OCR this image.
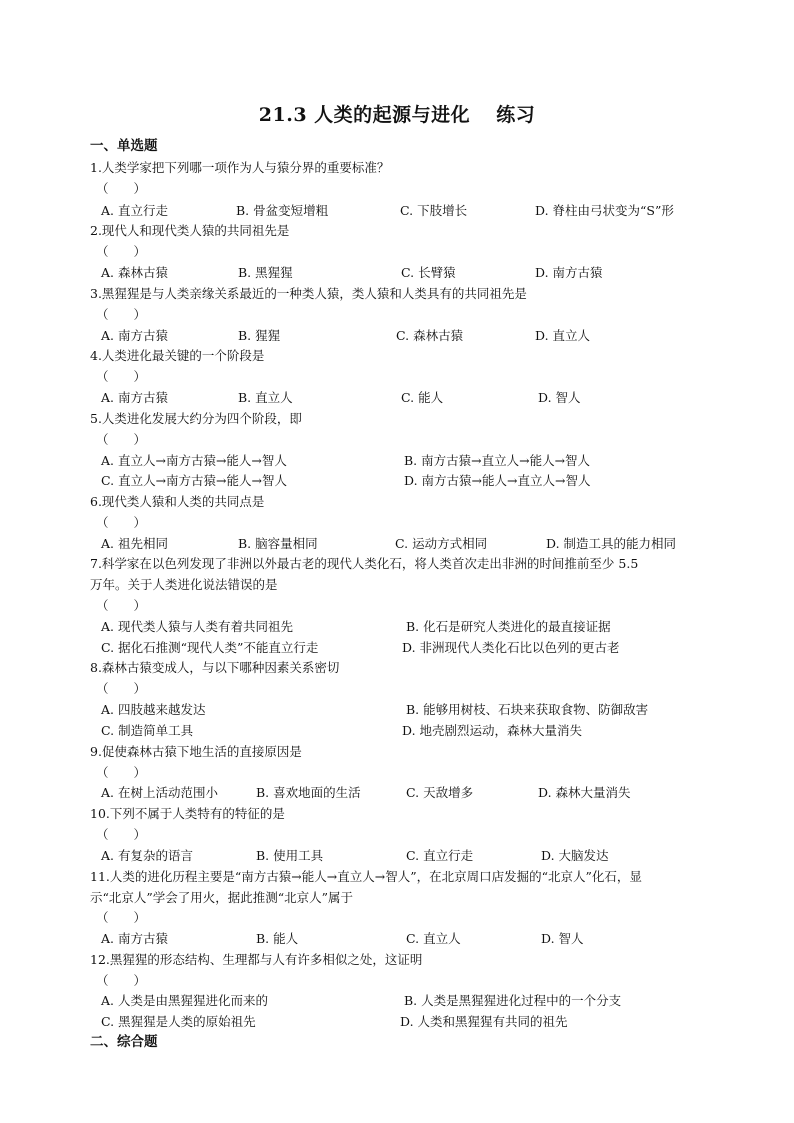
21.3 人类的起源与进化 练习
一、单选题
1.人类学家把下列哪一项作为人与猿分界的重要标准？
（　　）
A. 直立行走	B. 骨盆变短增粗	C. 下肢增长	D. 脊柱由弓状变为“S”形
2.现代人和现代类人猿的共同祖先是
（　　）
A. 森林古猿	B. 黑猩猩	C. 长臂猿	D. 南方古猿
3.黑猩猩是与人类亲缘关系最近的一种类人猿，类人猿和人类具有的共同祖先是
（　　）
A. 南方古猿	B. 猩猩	C. 森林古猿	D. 直立人
4.人类进化最关键的一个阶段是
（　　）
A. 南方古猿	B. 直立人	C. 能人	D. 智人
5.人类进化发展大约分为四个阶段，即
（　　）
A. 直立人→南方古猿→能人→智人	B. 南方古猿→直立人→能人→智人
C. 直立人→南方古猿→能人→智人	D. 南方古猿→能人→直立人→智人
6.现代类人猿和人类的共同点是
（　　）
A. 祖先相同	B. 脑容量相同	C. 运动方式相同	D. 制造工具的能力相同
7.科学家在以色列发现了非洲以外最古老的现代人类化石，将人类首次走出非洲的时间推前至少 5.5
万年。关于人类进化说法错误的是
（　　）
A. 现代类人猿与人类有着共同祖先	B. 化石是研究人类进化的最直接证据
C. 据化石推测“现代人类”不能直立行走	D. 非洲现代人类化石比以色列的更古老
8.森林古猿变成人，与以下哪种因素关系密切
（　　）
A. 四肢越来越发达	B. 能够用树枝、石块来获取食物、防御敌害
C. 制造简单工具	D. 地壳剧烈运动，森林大量消失
9.促使森林古猿下地生活的直接原因是
（　　）
A. 在树上活动范围小	B. 喜欢地面的生活	C. 天敌增多	D. 森林大量消失
10.下列不属于人类特有的特征的是
（　　）
A. 有复杂的语言	B. 使用工具	C. 直立行走	D. 大脑发达
11.人类的进化历程主要是“南方古猿→能人→直立人→智人”，在北京周口店发掘的“北京人”化石，显
示“北京人”学会了用火，据此推测“北京人”属于
（　　）
A. 南方古猿	B. 能人	C. 直立人	D. 智人
12.黑猩猩的形态结构、生理都与人有许多相似之处，这证明
（　　）
A. 人类是由黑猩猩进化而来的	B. 人类是黑猩猩进化过程中的一个分支
C. 黑猩猩是人类的原始祖先	D. 人类和黑猩猩有共同的祖先
二、综合题
